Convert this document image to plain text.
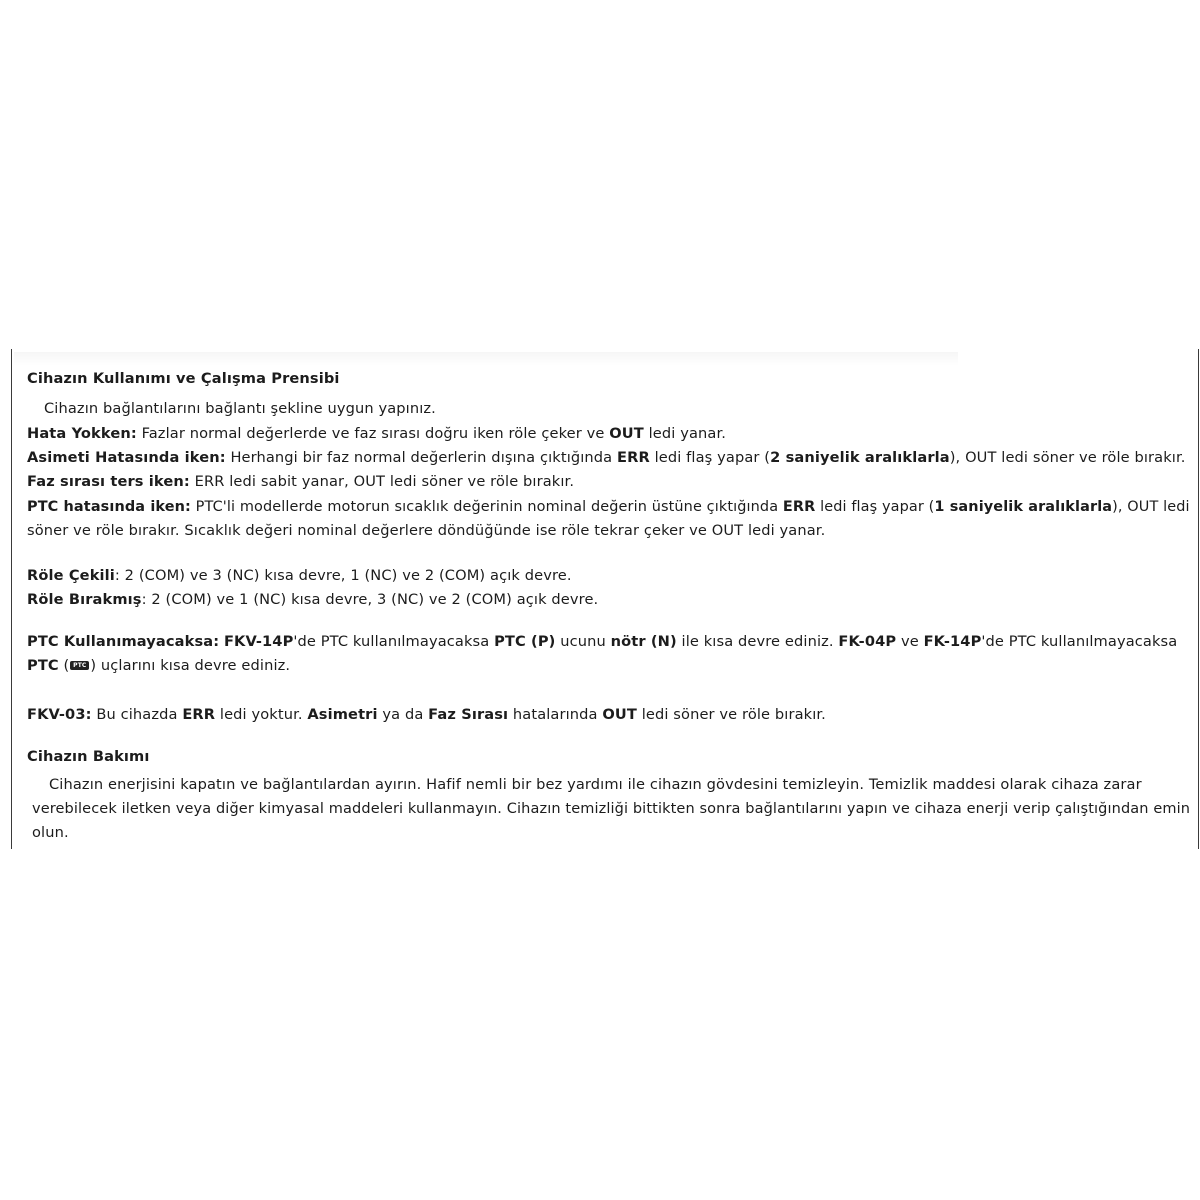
Cihazın Kullanımı ve Çalışma Prensibi
Cihazın bağlantılarını bağlantı şekline uygun yapınız.
Hata Yokken: Fazlar normal değerlerde ve faz sırası doğru iken röle çeker ve OUT ledi yanar.
Asimeti Hatasında iken: Herhangi bir faz normal değerlerin dışına çıktığında ERR ledi flaş yapar (2 saniyelik aralıklarla), OUT ledi söner ve röle bırakır.
Faz sırası ters iken: ERR ledi sabit yanar, OUT ledi söner ve röle bırakır.
PTC hatasında iken: PTC'li modellerde motorun sıcaklık değerinin nominal değerin üstüne çıktığında ERR ledi flaş yapar (1 saniyelik aralıklarla), OUT ledi
söner ve röle bırakır. Sıcaklık değeri nominal değerlere döndüğünde ise röle tekrar çeker ve OUT ledi yanar.
Röle Çekili: 2 (COM) ve 3 (NC) kısa devre, 1 (NC) ve 2 (COM) açık devre.
Röle Bırakmış: 2 (COM) ve 1 (NC) kısa devre, 3 (NC) ve 2 (COM) açık devre.
PTC Kullanımayacaksa: FKV-14P'de PTC kullanılmayacaksa PTC (P) ucunu nötr (N) ile kısa devre ediniz. FK-04P ve FK-14P'de PTC kullanılmayacaksa
PTC ( PTC ) uçlarını kısa devre ediniz.
FKV-03: Bu cihazda ERR ledi yoktur. Asimetri ya da Faz Sırası hatalarında OUT ledi söner ve röle bırakır.
Cihazın Bakımı
Cihazın enerjisini kapatın ve bağlantılardan ayırın. Hafif nemli bir bez yardımı ile cihazın gövdesini temizleyin. Temizlik maddesi olarak cihaza zarar
verebilecek iletken veya diğer kimyasal maddeleri kullanmayın. Cihazın temizliği bittikten sonra bağlantılarını yapın ve cihaza enerji verip çalıştığından emin
olun.
